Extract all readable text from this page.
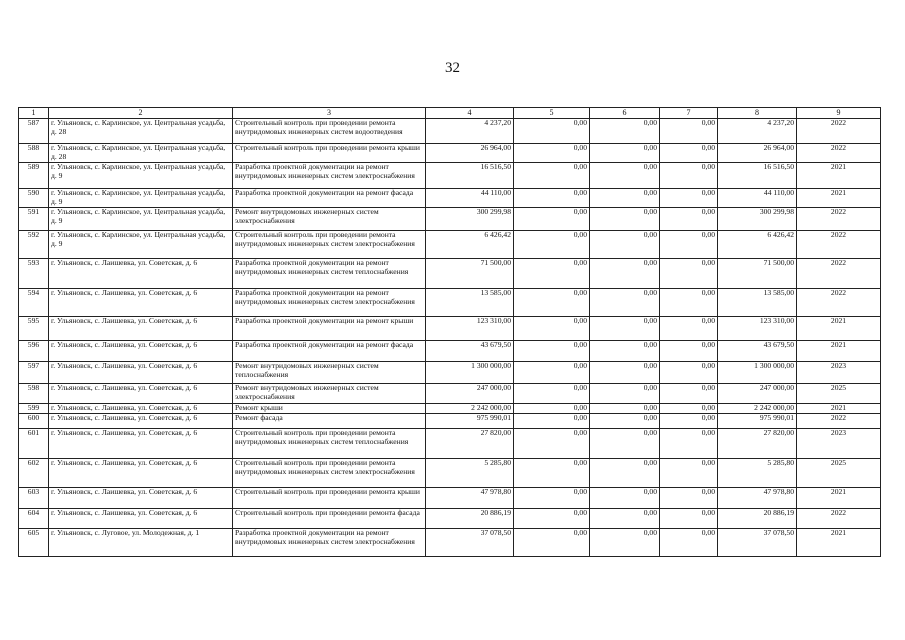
32
1	2	3	4	5	6	7	8	9
587	г. Ульяновск, с. Карлинское, ул. Центральная усадьба, д. 28	Строительный контроль при проведении ремонта внутридомовых инженерных систем водоотведения	4 237,20	0,00	0,00	0,00	4 237,20	2022
588	г. Ульяновск, с. Карлинское, ул. Центральная усадьба, д. 28	Строительный контроль при проведении ремонта крыши	26 964,00	0,00	0,00	0,00	26 964,00	2022
589	г. Ульяновск, с. Карлинское, ул. Центральная усадьба, д. 9	Разработка проектной документации на ремонт внутридомовых инженерных систем электроснабжения	16 516,50	0,00	0,00	0,00	16 516,50	2021
590	г. Ульяновск, с. Карлинское, ул. Центральная усадьба, д. 9	Разработка проектной документации на ремонт фасада	44 110,00	0,00	0,00	0,00	44 110,00	2021
591	г. Ульяновск, с. Карлинское, ул. Центральная усадьба, д. 9	Ремонт внутридомовых инженерных систем электроснабжения	300 299,98	0,00	0,00	0,00	300 299,98	2022
592	г. Ульяновск, с. Карлинское, ул. Центральная усадьба, д. 9	Строительный контроль при проведении ремонта внутридомовых инженерных систем электроснабжения	6 426,42	0,00	0,00	0,00	6 426,42	2022
593	г. Ульяновск, с. Лаишевка, ул. Советская, д. 6	Разработка проектной документации на ремонт внутридомовых инженерных систем теплоснабжения	71 500,00	0,00	0,00	0,00	71 500,00	2022
594	г. Ульяновск, с. Лаишевка, ул. Советская, д. 6	Разработка проектной документации на ремонт внутридомовых инженерных систем электроснабжения	13 585,00	0,00	0,00	0,00	13 585,00	2022
595	г. Ульяновск, с. Лаишевка, ул. Советская, д. 6	Разработка проектной документации на ремонт крыши	123 310,00	0,00	0,00	0,00	123 310,00	2021
596	г. Ульяновск, с. Лаишевка, ул. Советская, д. 6	Разработка проектной документации на ремонт фасада	43 679,50	0,00	0,00	0,00	43 679,50	2021
597	г. Ульяновск, с. Лаишевка, ул. Советская, д. 6	Ремонт внутридомовых инженерных систем теплоснабжения	1 300 000,00	0,00	0,00	0,00	1 300 000,00	2023
598	г. Ульяновск, с. Лаишевка, ул. Советская, д. 6	Ремонт внутридомовых инженерных систем электроснабжения	247 000,00	0,00	0,00	0,00	247 000,00	2025
599	г. Ульяновск, с. Лаишевка, ул. Советская, д. 6	Ремонт крыши	2 242 000,00	0,00	0,00	0,00	2 242 000,00	2021
600	г. Ульяновск, с. Лаишевка, ул. Советская, д. 6	Ремонт фасада	975 990,01	0,00	0,00	0,00	975 990,01	2022
601	г. Ульяновск, с. Лаишевка, ул. Советская, д. 6	Строительный контроль при проведении ремонта внутридомовых инженерных систем теплоснабжения	27 820,00	0,00	0,00	0,00	27 820,00	2023
602	г. Ульяновск, с. Лаишевка, ул. Советская, д. 6	Строительный контроль при проведении ремонта внутридомовых инженерных систем электроснабжения	5 285,80	0,00	0,00	0,00	5 285,80	2025
603	г. Ульяновск, с. Лаишевка, ул. Советская, д. 6	Строительный контроль при проведении ремонта крыши	47 978,80	0,00	0,00	0,00	47 978,80	2021
604	г. Ульяновск, с. Лаишевка, ул. Советская, д. 6	Строительный контроль при проведении ремонта фасада	20 886,19	0,00	0,00	0,00	20 886,19	2022
605	г. Ульяновск, с. Луговое, ул. Молодежная, д. 1	Разработка проектной документации на ремонт внутридомовых инженерных систем электроснабжения	37 078,50	0,00	0,00	0,00	37 078,50	2021
